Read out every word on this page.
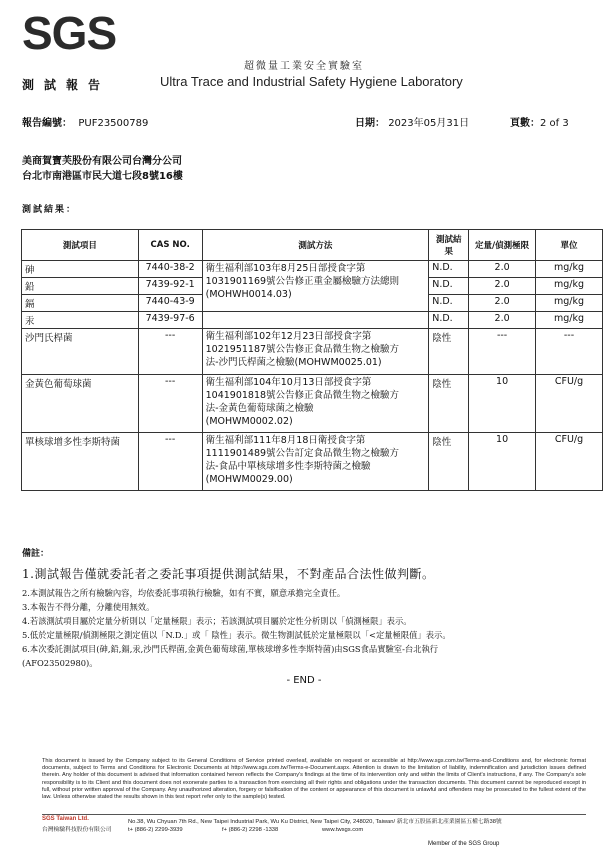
SGS
超微量工業安全實驗室
測試報告	Ultra Trace and Industrial Safety Hygiene Laboratory
報告編號： PUF23500789	日期： 2023年05月31日	頁數：2 of 3
美商賀寶芙股份有限公司台灣分公司
台北市南港區市民大道七段8號16樓
測試結果：
測試項目	CAS NO.	測試方法	測試結果	定量/偵測極限	單位
砷	7440-38-2	衛生福利部103年8月25日部授食字第
1031901169號公告修正重金屬檢驗方法總則
(MOHWH0014.03)	N.D.	2.0	mg/kg
鉛	7439-92-1		N.D.	2.0	mg/kg
鎘	7440-43-9		N.D.	2.0	mg/kg
汞	7439-97-6		N.D.	2.0	mg/kg
沙門氏桿菌	---	衛生福利部102年12月23日部授食字第
1021951187號公告修正食品微生物之檢驗方
法-沙門氏桿菌之檢驗(MOHWM0025.01)	陰性	---	---
金黃色葡萄球菌	---	衛生福利部104年10月13日部授食字第
1041901818號公告修正食品微生物之檢驗方
法-金黃色葡萄球菌之檢驗
(MOHWM0002.02)	陰性	10	CFU/g
單核球增多性李斯特菌	---	衛生福利部111年8月18日衛授食字第
1111901489號公告訂定食品微生物之檢驗方
法-食品中單核球增多性李斯特菌之檢驗
(MOHWM0029.00)	陰性	10	CFU/g
備註：
1.測試報告僅就委託者之委託事項提供測試結果，不對產品合法性做判斷。
2.本測試報告之所有檢驗內容，均依委託事項執行檢驗，如有不實，願意承擔完全責任。
3.本報告不得分離，分離使用無效。
4.若該測試項目屬於定量分析則以「定量極限」表示；若該測試項目屬於定性分析則以「偵測極限」表示。
5.低於定量極限/偵測極限之測定值以「N.D.」或「 陰性」表示。微生物測試低於定量極限以「<定量極限值」表示。
6.本次委託測試項目(砷,鉛,鎘,汞,沙門氏桿菌,金黃色葡萄球菌,單核球增多性李斯特菌)由SGS食品實驗室-台北執行
(AFO23502980)。
- END -
This document is issued by the Company subject to its General Conditions of Service printed overleaf, available on request or accessible at http://www.sgs.com.tw/Terms-and-Conditions and, for electronic format documents, subject to Terms and Conditions for Electronic Documents at http://www.sgs.com.tw/Terms-e-Document.aspx. Attention is drawn to the limitation of liability, indemnification and jurisdiction issues defined therein. Any holder of this document is advised that information contained hereon reflects the Company's findings at the time of its intervention only and within the limits of Client's instructions, if any. The Company's sole responsibility is to its Client and this document does not exonerate parties to a transaction from exercising all their rights and obligations under the transaction documents. This document cannot be reproduced except in full, without prior written approval of the Company. Any unauthorized alteration, forgery or falsification of the content or appearance of this document is unlawful and offenders may be prosecuted to the fullest extent of the law. Unless otherwise stated the results shown in this test report refer only to the sample(s) tested.
SGS Taiwan Ltd.
台灣檢驗科技股份有限公司
No.38, Wu Chyuan 7th Rd., New Taipei Industrial Park, Wu Ku District, New Taipei City, 248020, Taiwan/ 新北市五股區新北產業園區五權七路38號
t+ (886-2) 2299-3939	f+ (886-2) 2298 -1338	www.twsgs.com
Member of the SGS Group
